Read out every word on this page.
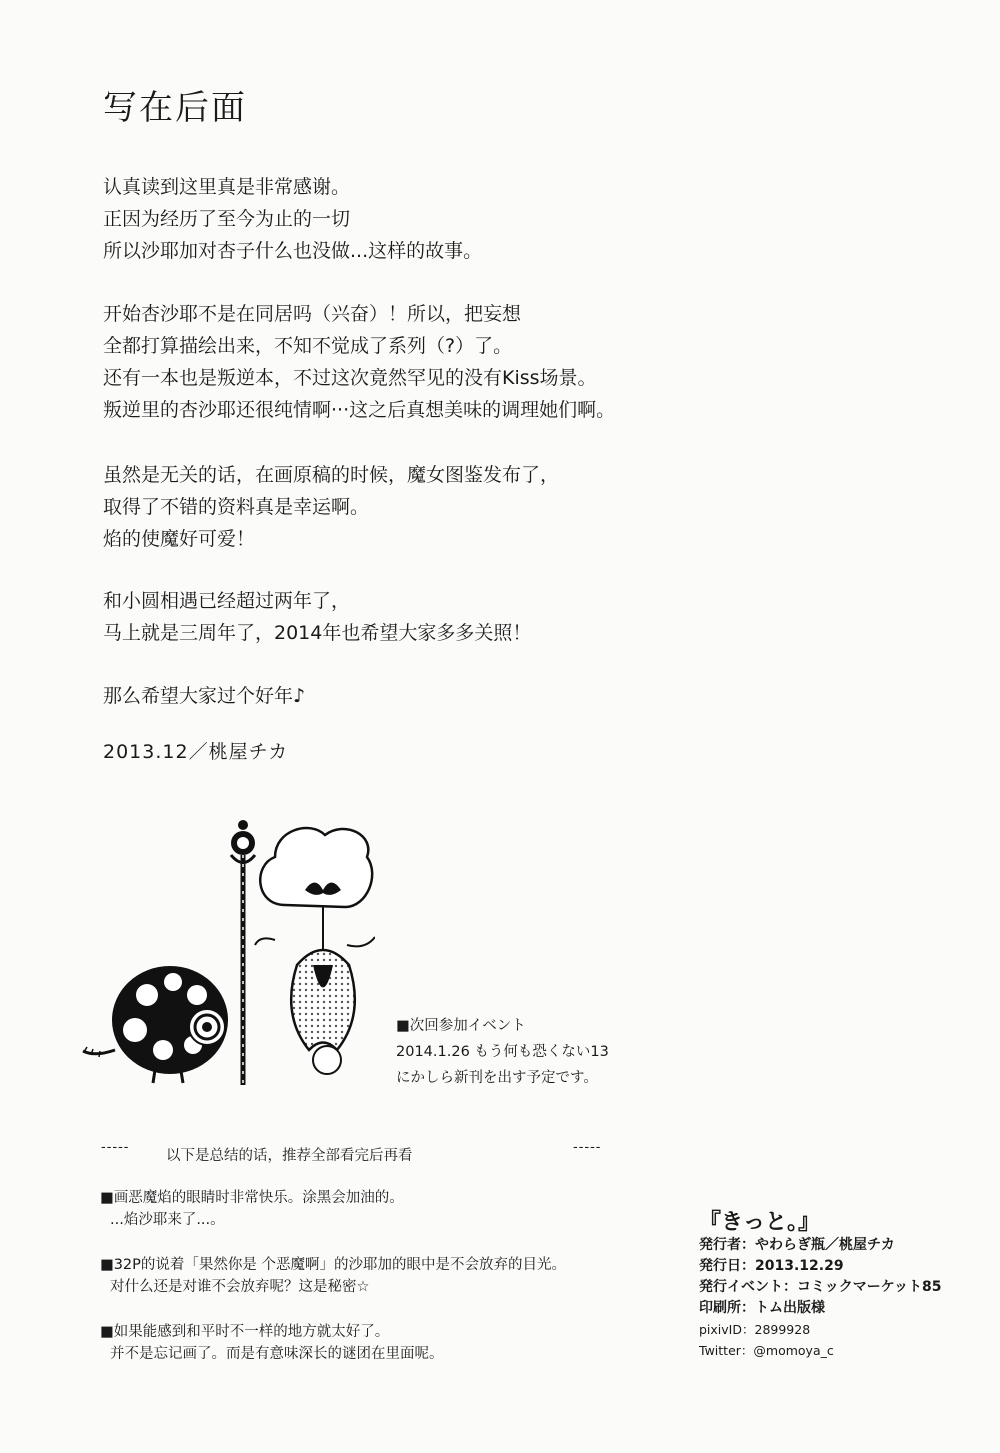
写在后面
认真读到这里真是非常感谢。
正因为经历了至今为止的一切
所以沙耶加对杏子什么也没做...这样的故事。
开始杏沙耶不是在同居吗（兴奋）！所以，把妄想
全都打算描绘出来，不知不觉成了系列（?）了。
还有一本也是叛逆本，不过这次竟然罕见的没有Kiss场景。
叛逆里的杏沙耶还很纯情啊···这之后真想美味的调理她们啊。
虽然是无关的话，在画原稿的时候，魔女图鉴发布了，
取得了不错的资料真是幸运啊。
焰的使魔好可爱！
和小圆相遇已经超过两年了，
马上就是三周年了，2014年也希望大家多多关照！
那么希望大家过个好年♪
2013.12／桃屋チカ
■次回参加イベント
2014.1.26 もう何も恐くない13
にかしら新刊を出す予定です。
-----
以下是总结的话，推荐全部看完后再看
-----
■画恶魔焰的眼睛时非常快乐。涂黑会加油的。
...焰沙耶来了...。
■32P的说着「果然你是 个恶魔啊」的沙耶加的眼中是不会放弃的目光。
对什么还是对谁不会放弃呢？这是秘密☆
■如果能感到和平时不一样的地方就太好了。
并不是忘记画了。而是有意味深长的谜团在里面呢。
『きっと。』
発行者：やわらぎ瓶／桃屋チカ
発行日：2013.12.29
発行イベント：コミックマーケット85
印刷所：トム出版様
pixivID：2899928
Twitter：@momoya_c
